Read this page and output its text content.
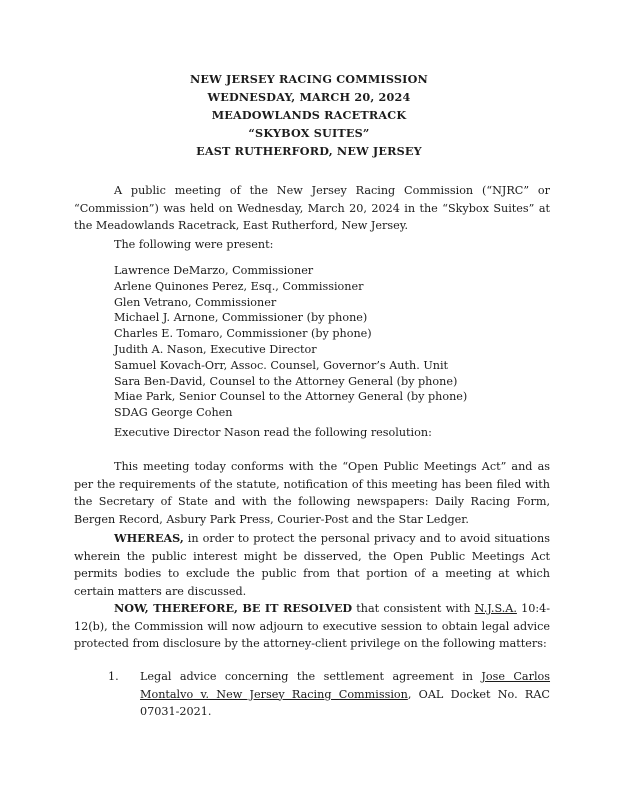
NEW JERSEY RACING COMMISSION
WEDNESDAY, MARCH 20, 2024
MEADOWLANDS RACETRACK
“SKYBOX SUITES”
EAST RUTHERFORD, NEW JERSEY

A public meeting of the New Jersey Racing Commission (“NJRC” or “Commission”) was held on Wednesday, March 20, 2024 in the “Skybox Suites” at the Meadowlands Racetrack, East Rutherford, New Jersey.

The following were present:

Lawrence DeMarzo, Commissioner
Arlene Quinones Perez, Esq., Commissioner
Glen Vetrano, Commissioner
Michael J. Arnone, Commissioner (by phone)
Charles E. Tomaro, Commissioner (by phone)
Judith A. Nason, Executive Director
Samuel Kovach-Orr, Assoc. Counsel, Governor’s Auth. Unit
Sara Ben-David, Counsel to the Attorney General (by phone)
Miae Park, Senior Counsel to the Attorney General (by phone)
SDAG George Cohen

Executive Director Nason read the following resolution:

This meeting today conforms with the “Open Public Meetings Act” and as per the requirements of the statute, notification of this meeting has been filed with the Secretary of State and with the following newspapers: Daily Racing Form, Bergen Record, Asbury Park Press, Courier-Post and the Star Ledger.

WHEREAS, in order to protect the personal privacy and to avoid situations wherein the public interest might be disserved, the Open Public Meetings Act permits bodies to exclude the public from that portion of a meeting at which certain matters are discussed.

NOW, THEREFORE, BE IT RESOLVED that consistent with N.J.S.A. 10:4-12(b), the Commission will now adjourn to executive session to obtain legal advice protected from disclosure by the attorney-client privilege on the following matters:

1. Legal advice concerning the settlement agreement in Jose Carlos Montalvo v. New Jersey Racing Commission, OAL Docket No. RAC 07031-2021.
